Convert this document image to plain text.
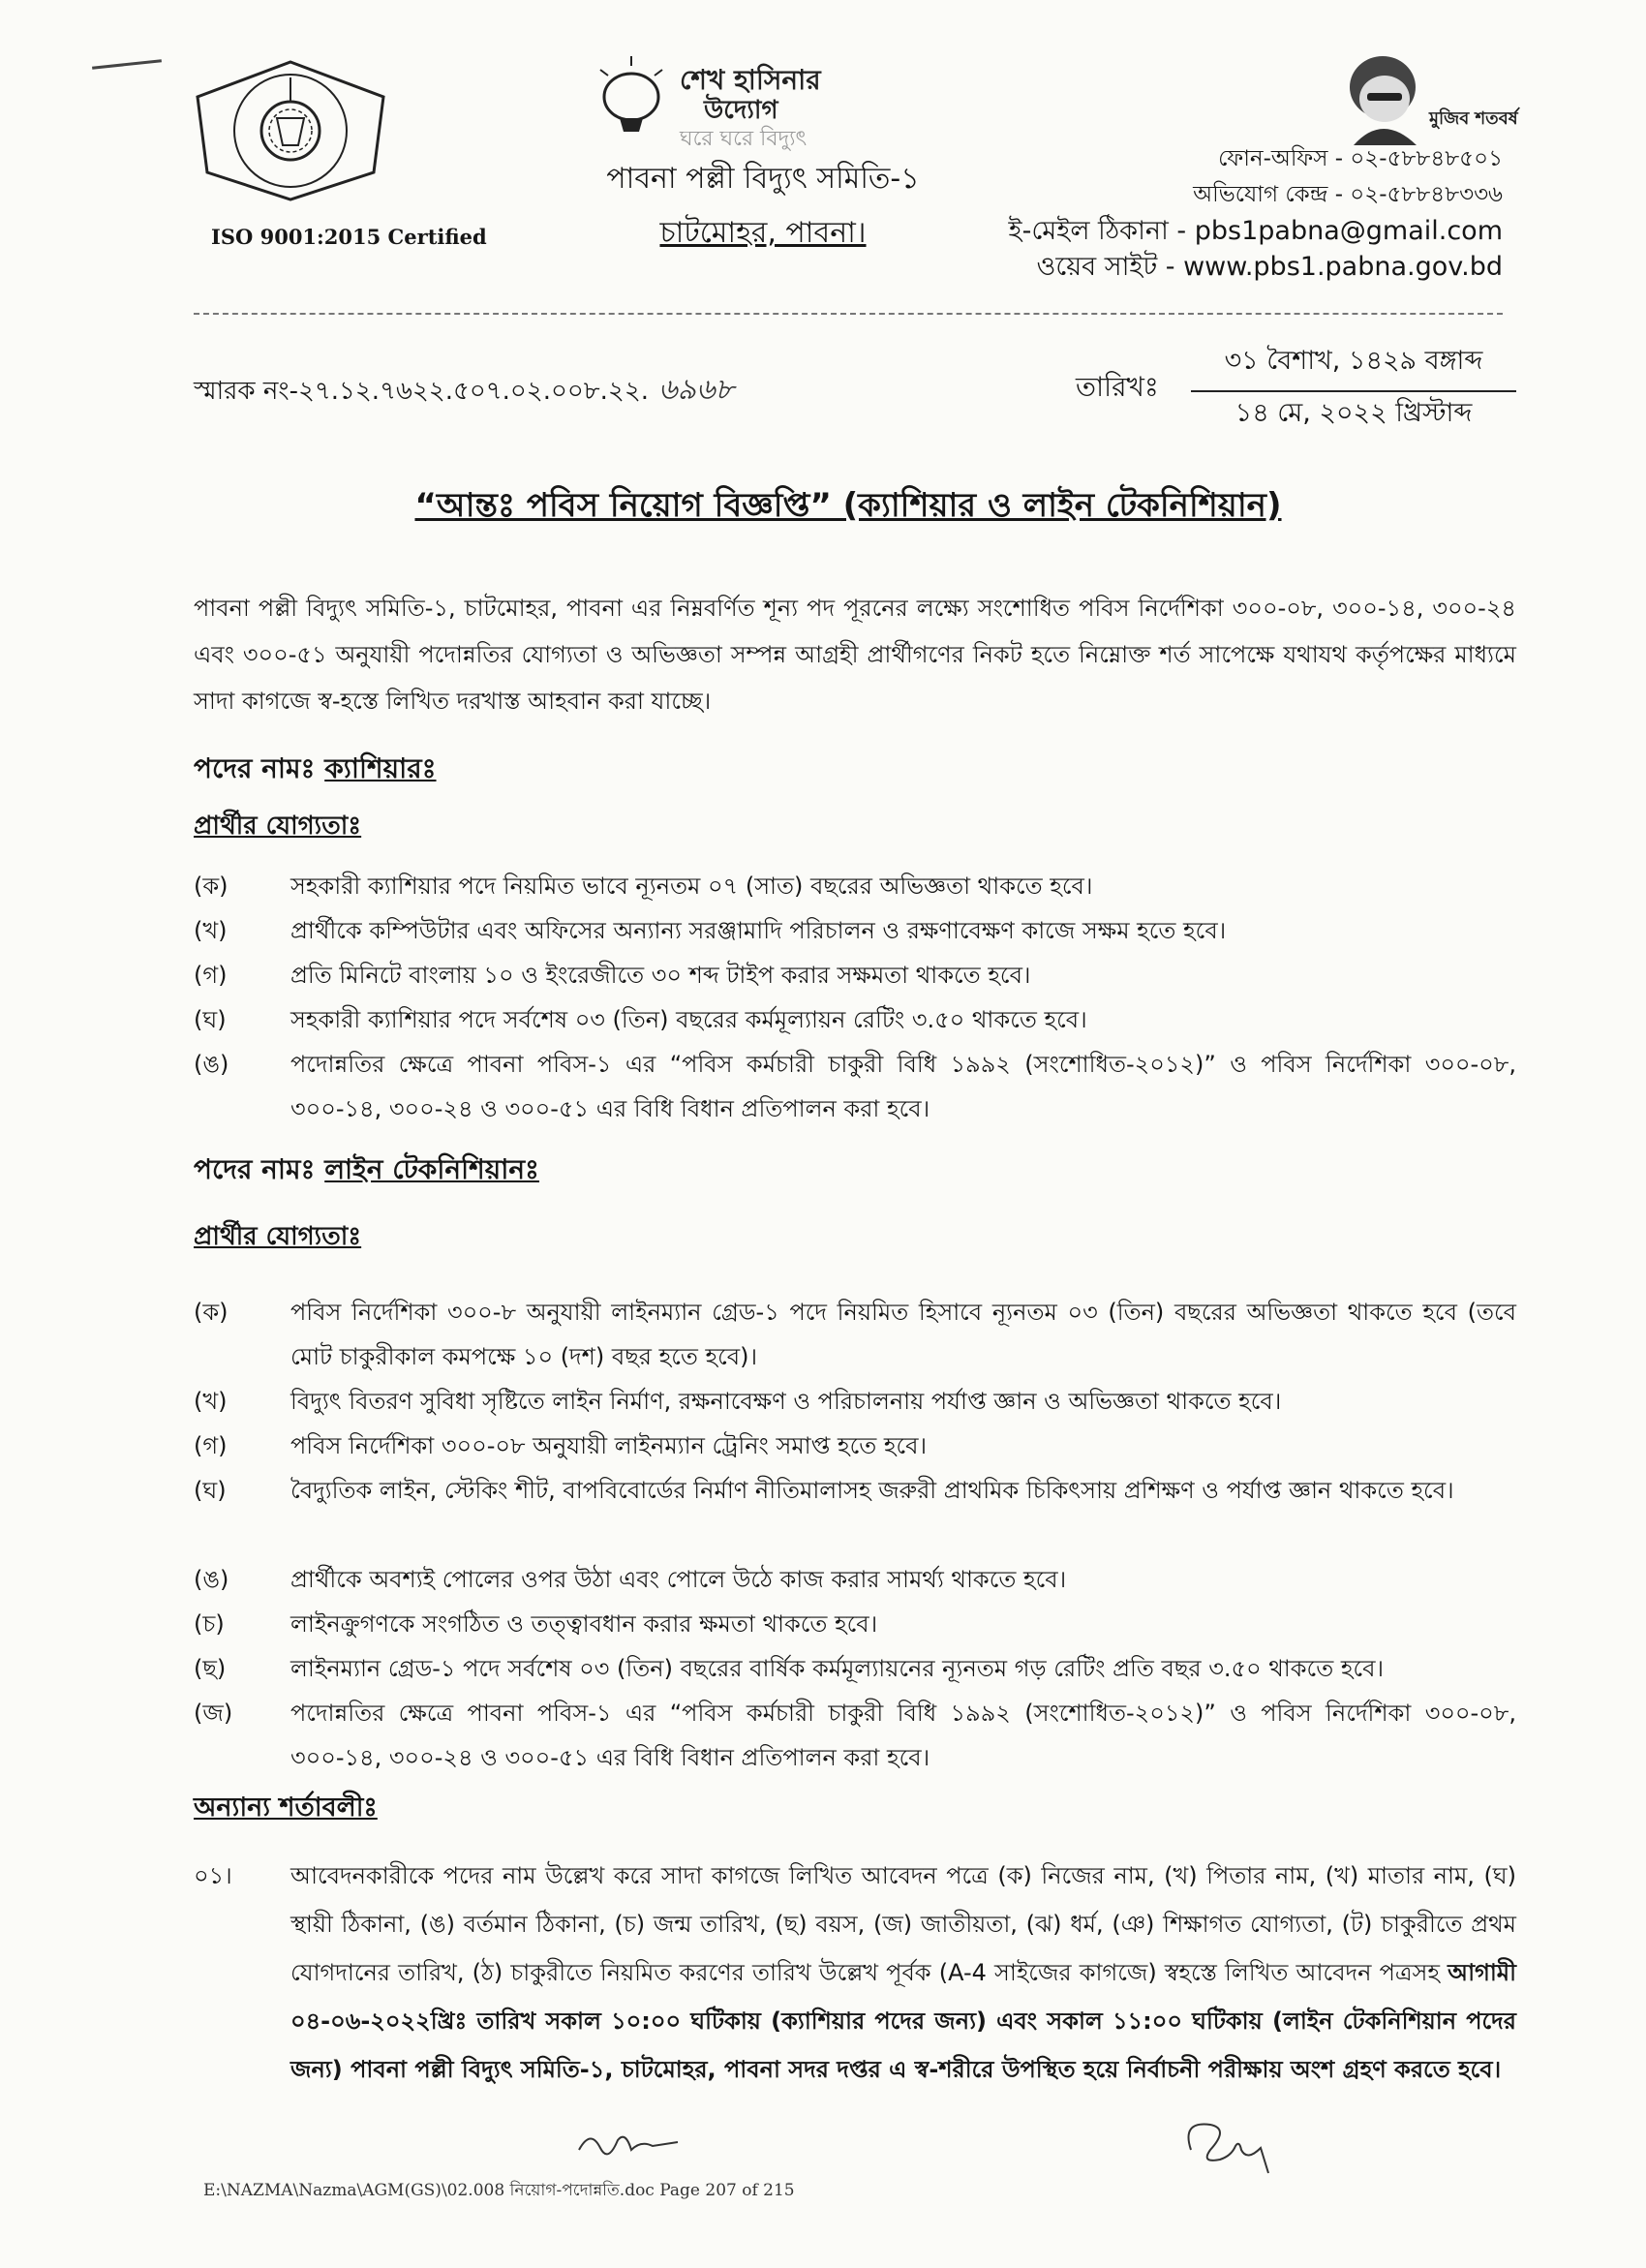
ISO 9001:2015 Certified
শেখ হাসিনার
উদ্যোগ
ঘরে ঘরে বিদ্যুৎ
পাবনা পল্লী বিদ্যুৎ সমিতি-১
চাটমোহর, পাবনা।
মুজিব শতবর্ষ
ফোন-অফিস - ০২-৫৮৮৪৮৫০১
অভিযোগ কেন্দ্র - ০২-৫৮৮৪৮৩৩৬
ই-মেইল ঠিকানা - pbs1pabna@gmail.com
ওয়েব সাইট - www.pbs1.pabna.gov.bd
স্মারক নং-২৭.১২.৭৬২২.৫০৭.০২.০০৮.২২. ৬৯৬৮	তারিখঃ
৩১ বৈশাখ, ১৪২৯ বঙ্গাব্দ
১৪ মে, ২০২২ খ্রিস্টাব্দ
“আন্তঃ পবিস নিয়োগ বিজ্ঞপ্তি” (ক্যাশিয়ার ও লাইন টেকনিশিয়ান)
পাবনা পল্লী বিদ্যুৎ সমিতি-১, চাটমোহর, পাবনা এর নিম্নবর্ণিত শূন্য পদ পূরনের লক্ষ্যে সংশোধিত পবিস নির্দেশিকা ৩০০-০৮, ৩০০-১৪, ৩০০-২৪ এবং ৩০০-৫১ অনুযায়ী পদোন্নতির যোগ্যতা ও অভিজ্ঞতা সম্পন্ন আগ্রহী প্রার্থীগণের নিকট হতে নিম্নোক্ত শর্ত সাপেক্ষে যথাযথ কর্তৃপক্ষের মাধ্যমে সাদা কাগজে স্ব-হস্তে লিখিত দরখাস্ত আহবান করা যাচ্ছে।
পদের নামঃ ক্যাশিয়ারঃ
প্রার্থীর যোগ্যতাঃ
(ক)	সহকারী ক্যাশিয়ার পদে নিয়মিত ভাবে ন্যূনতম ০৭ (সাত) বছরের অভিজ্ঞতা থাকতে হবে।
(খ)	প্রার্থীকে কম্পিউটার এবং অফিসের অন্যান্য সরঞ্জামাদি পরিচালন ও রক্ষণাবেক্ষণ কাজে সক্ষম হতে হবে।
(গ)	প্রতি মিনিটে বাংলায় ১০ ও ইংরেজীতে ৩০ শব্দ টাইপ করার সক্ষমতা থাকতে হবে।
(ঘ)	সহকারী ক্যাশিয়ার পদে সর্বশেষ ০৩ (তিন) বছরের কর্মমূল্যায়ন রেটিং ৩.৫০ থাকতে হবে।
(ঙ)	পদোন্নতির ক্ষেত্রে পাবনা পবিস-১ এর “পবিস কর্মচারী চাকুরী বিধি ১৯৯২ (সংশোধিত-২০১২)” ও পবিস নির্দেশিকা ৩০০-০৮, ৩০০-১৪, ৩০০-২৪ ও ৩০০-৫১ এর বিধি বিধান প্রতিপালন করা হবে।
পদের নামঃ লাইন টেকনিশিয়ানঃ
প্রার্থীর যোগ্যতাঃ
(ক)	পবিস নির্দেশিকা ৩০০-৮ অনুযায়ী লাইনম্যান গ্রেড-১ পদে নিয়মিত হিসাবে ন্যূনতম ০৩ (তিন) বছরের অভিজ্ঞতা থাকতে হবে (তবে মোট চাকুরীকাল কমপক্ষে ১০ (দশ) বছর হতে হবে)।
(খ)	বিদ্যুৎ বিতরণ সুবিধা সৃষ্টিতে লাইন নির্মাণ, রক্ষনাবেক্ষণ ও পরিচালনায় পর্যাপ্ত জ্ঞান ও অভিজ্ঞতা থাকতে হবে।
(গ)	পবিস নির্দেশিকা ৩০০-০৮ অনুযায়ী লাইনম্যান ট্রেনিং সমাপ্ত হতে হবে।
(ঘ)	বৈদ্যুতিক লাইন, স্টেকিং শীট, বাপবিবোর্ডের নির্মাণ নীতিমালাসহ জরুরী প্রাথমিক চিকিৎসায় প্রশিক্ষণ ও পর্যাপ্ত জ্ঞান থাকতে হবে।
(ঙ)	প্রার্থীকে অবশ্যই পোলের ওপর উঠা এবং পোলে উঠে কাজ করার সামর্থ্য থাকতে হবে।
(চ)	লাইনক্রুগণকে সংগঠিত ও তত্ত্বাবধান করার ক্ষমতা থাকতে হবে।
(ছ)	লাইনম্যান গ্রেড-১ পদে সর্বশেষ ০৩ (তিন) বছরের বার্ষিক কর্মমূল্যায়নের ন্যূনতম গড় রেটিং প্রতি বছর ৩.৫০ থাকতে হবে।
(জ) পদোন্নতির ক্ষেত্রে পাবনা পবিস-১ এর “পবিস কর্মচারী চাকুরী বিধি ১৯৯২ (সংশোধিত-২০১২)” ও পবিস নির্দেশিকা ৩০০-০৮, ৩০০-১৪, ৩০০-২৪ ও ৩০০-৫১ এর বিধি বিধান প্রতিপালন করা হবে।
অন্যান্য শর্তাবলীঃ
০১।	আবেদনকারীকে পদের নাম উল্লেখ করে সাদা কাগজে লিখিত আবেদন পত্রে (ক) নিজের নাম, (খ) পিতার নাম, (খ) মাতার নাম, (ঘ) স্থায়ী ঠিকানা, (ঙ) বর্তমান ঠিকানা, (চ) জন্ম তারিখ, (ছ) বয়স, (জ) জাতীয়তা, (ঝ) ধর্ম, (ঞ) শিক্ষাগত যোগ্যতা, (ট) চাকুরীতে প্রথম যোগদানের তারিখ, (ঠ) চাকুরীতে নিয়মিত করণের তারিখ উল্লেখ পূর্বক (A-4 সাইজের কাগজে) স্বহস্তে লিখিত আবেদন পত্রসহ আগামী ০৪-০৬-২০২২খ্রিঃ তারিখ সকাল ১০:০০ ঘটিকায় (ক্যাশিয়ার পদের জন্য) এবং সকাল ১১:০০ ঘটিকায় (লাইন টেকনিশিয়ান পদের জন্য) পাবনা পল্লী বিদ্যুৎ সমিতি-১, চাটমোহর, পাবনা সদর দপ্তর এ স্ব-শরীরে উপস্থিত হয়ে নির্বাচনী পরীক্ষায় অংশ গ্রহণ করতে হবে।
E:\NAZMA\Nazma\AGM(GS)\02.008 নিয়োগ-পদোন্নতি.doc Page 207 of 215
